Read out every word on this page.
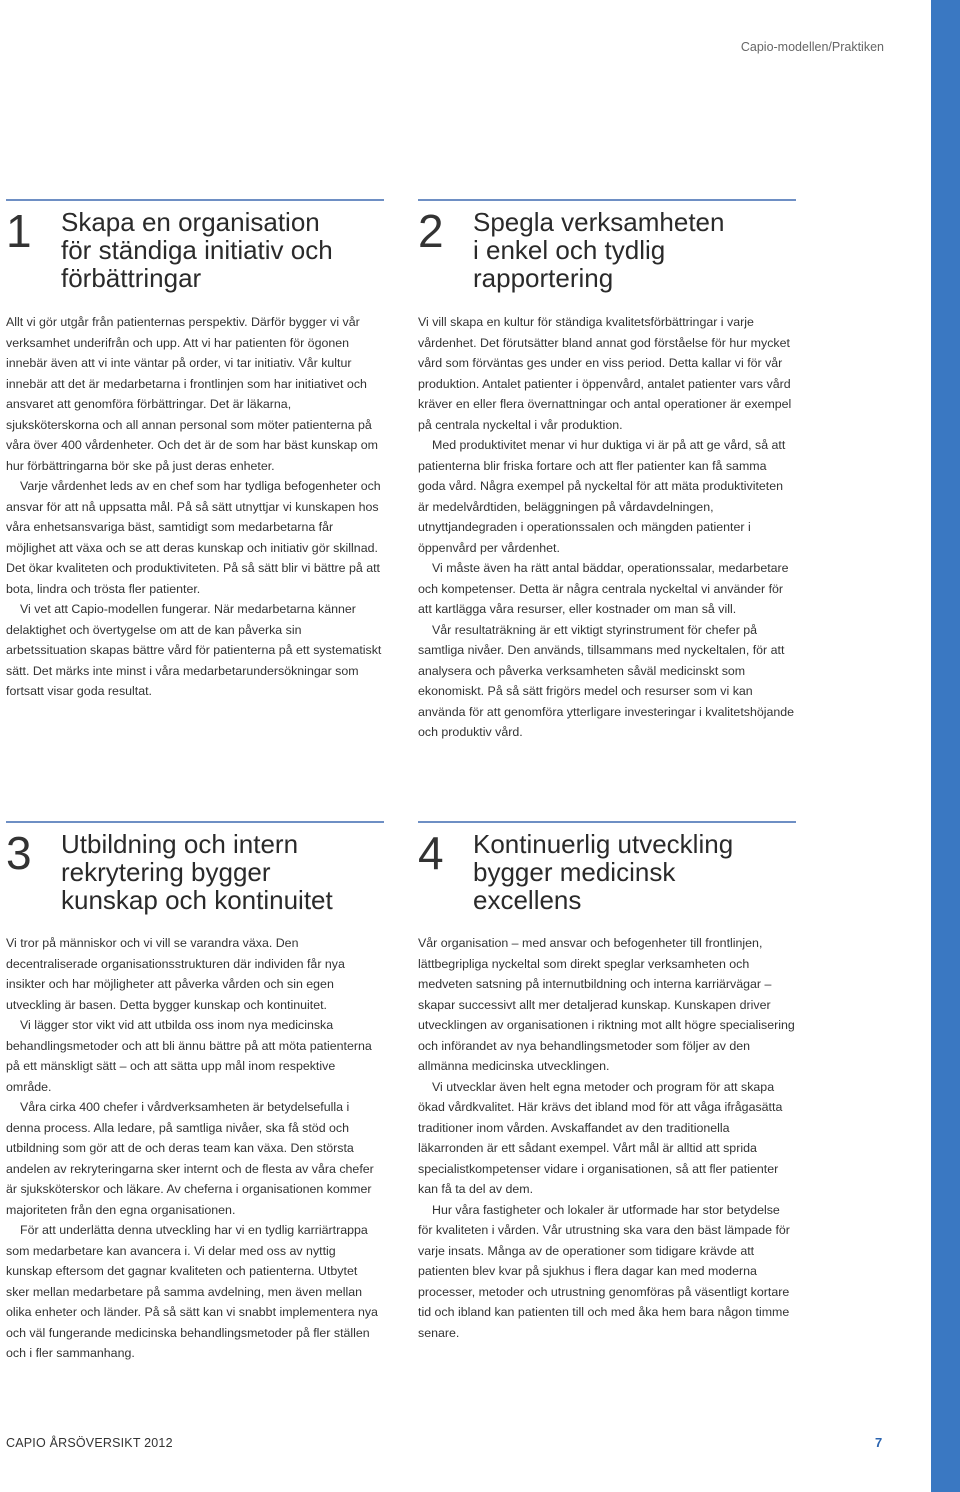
Capio-modellen/Praktiken
1	Skapa en organisation
för ständiga initiativ och
förbättringar

Allt vi gör utgår från patienternas perspektiv. Därför bygger vi vår verksamhet underifrån och upp. Att vi har patienten för ögonen innebär även att vi inte väntar på order, vi tar initiativ. Vår kultur innebär att det är medarbetarna i frontlinjen som har initiativet och ansvaret att genomföra förbättringar. Det är läkarna, sjuksköterskorna och all annan personal som möter patienterna på våra över 400 vårdenheter. Och det är de som har bäst kunskap om hur förbättringarna bör ske på just deras enheter.

Varje vårdenhet leds av en chef som har tydliga befogenheter och ansvar för att nå uppsatta mål. På så sätt utnyttjar vi kunskapen hos våra enhetsansvariga bäst, samtidigt som medarbetarna får möjlighet att växa och se att deras kunskap och initiativ gör skillnad. Det ökar kvaliteten och produktiviteten. På så sätt blir vi bättre på att bota, lindra och trösta fler patienter.

Vi vet att Capio-modellen fungerar. När medarbetarna känner delaktighet och övertygelse om att de kan påverka sin arbetssituation skapas bättre vård för patienterna på ett systematiskt sätt. Det märks inte minst i våra medarbetarundersökningar som fortsatt visar goda resultat.

2	Spegla verksamheten
i enkel och tydlig
rapportering

Vi vill skapa en kultur för ständiga kvalitetsförbättringar i varje vårdenhet. Det förutsätter bland annat god förståelse för hur mycket vård som förväntas ges under en viss period. Detta kallar vi för vår produktion. Antalet patienter i öppenvård, antalet patienter vars vård kräver en eller flera övernattningar och antal operationer är exempel på centrala nyckeltal i vår produktion.

Med produktivitet menar vi hur duktiga vi är på att ge vård, så att patienterna blir friska fortare och att fler patienter kan få samma goda vård. Några exempel på nyckeltal för att mäta produktiviteten är medelvårdtiden, beläggningen på vårdavdelningen, utnyttjandegraden i operationssalen och mängden patienter i öppenvård per vårdenhet.

Vi måste även ha rätt antal bäddar, operationssalar, medarbetare och kompetenser. Detta är några centrala nyckeltal vi använder för att kartlägga våra resurser, eller kostnader om man så vill.

Vår resultaträkning är ett viktigt styrinstrument för chefer på samtliga nivåer. Den används, tillsammans med nyckeltalen, för att analysera och påverka verksamheten såväl medicinskt som ekonomiskt. På så sätt frigörs medel och resurser som vi kan använda för att genomföra ytterligare investeringar i kvalitetshöjande och produktiv vård.

3	Utbildning och intern
rekrytering bygger
kunskap och kontinuitet

Vi tror på människor och vi vill se varandra växa. Den decentraliserade organisationsstrukturen där individen får nya insikter och har möjligheter att påverka vården och sin egen utveckling är basen. Detta bygger kunskap och kontinuitet.

Vi lägger stor vikt vid att utbilda oss inom nya medicinska behandlingsmetoder och att bli ännu bättre på att möta patienterna på ett mänskligt sätt – och att sätta upp mål inom respektive område.

Våra cirka 400 chefer i vårdverksamheten är betydelsefulla i denna process. Alla ledare, på samtliga nivåer, ska få stöd och utbildning som gör att de och deras team kan växa. Den största andelen av rekryteringarna sker internt och de flesta av våra chefer är sjuksköterskor och läkare. Av cheferna i organisationen kommer majoriteten från den egna organisationen.

För att underlätta denna utveckling har vi en tydlig karriärtrappa som medarbetare kan avancera i. Vi delar med oss av nyttig kunskap eftersom det gagnar kvaliteten och patienterna. Utbytet sker mellan medarbetare på samma avdelning, men även mellan olika enheter och länder. På så sätt kan vi snabbt implementera nya och väl fungerande medicinska behandlingsmetoder på fler ställen och i fler sammanhang.

4	Kontinuerlig utveckling
bygger medicinsk
excellens

Vår organisation – med ansvar och befogenheter till frontlinjen, lättbegripliga nyckeltal som direkt speglar verksamheten och medveten satsning på internutbildning och interna karriärvägar – skapar successivt allt mer detaljerad kunskap. Kunskapen driver utvecklingen av organisationen i riktning mot allt högre specialisering och införandet av nya behandlingsmetoder som följer av den allmänna medicinska utvecklingen.

Vi utvecklar även helt egna metoder och program för att skapa ökad vårdkvalitet. Här krävs det ibland mod för att våga ifrågasätta traditioner inom vården. Avskaffandet av den traditionella läkarronden är ett sådant exempel. Vårt mål är alltid att sprida specialistkompetenser vidare i organisationen, så att fler patienter kan få ta del av dem.

Hur våra fastigheter och lokaler är utformade har stor betydelse för kvaliteten i vården. Vår utrustning ska vara den bäst lämpade för varje insats. Många av de operationer som tidigare krävde att patienten blev kvar på sjukhus i flera dagar kan med moderna processer, metoder och utrustning genomföras på väsentligt kortare tid och ibland kan patienten till och med åka hem bara någon timme senare.

CAPIO ÅRSÖVERSIKT 2012	7
